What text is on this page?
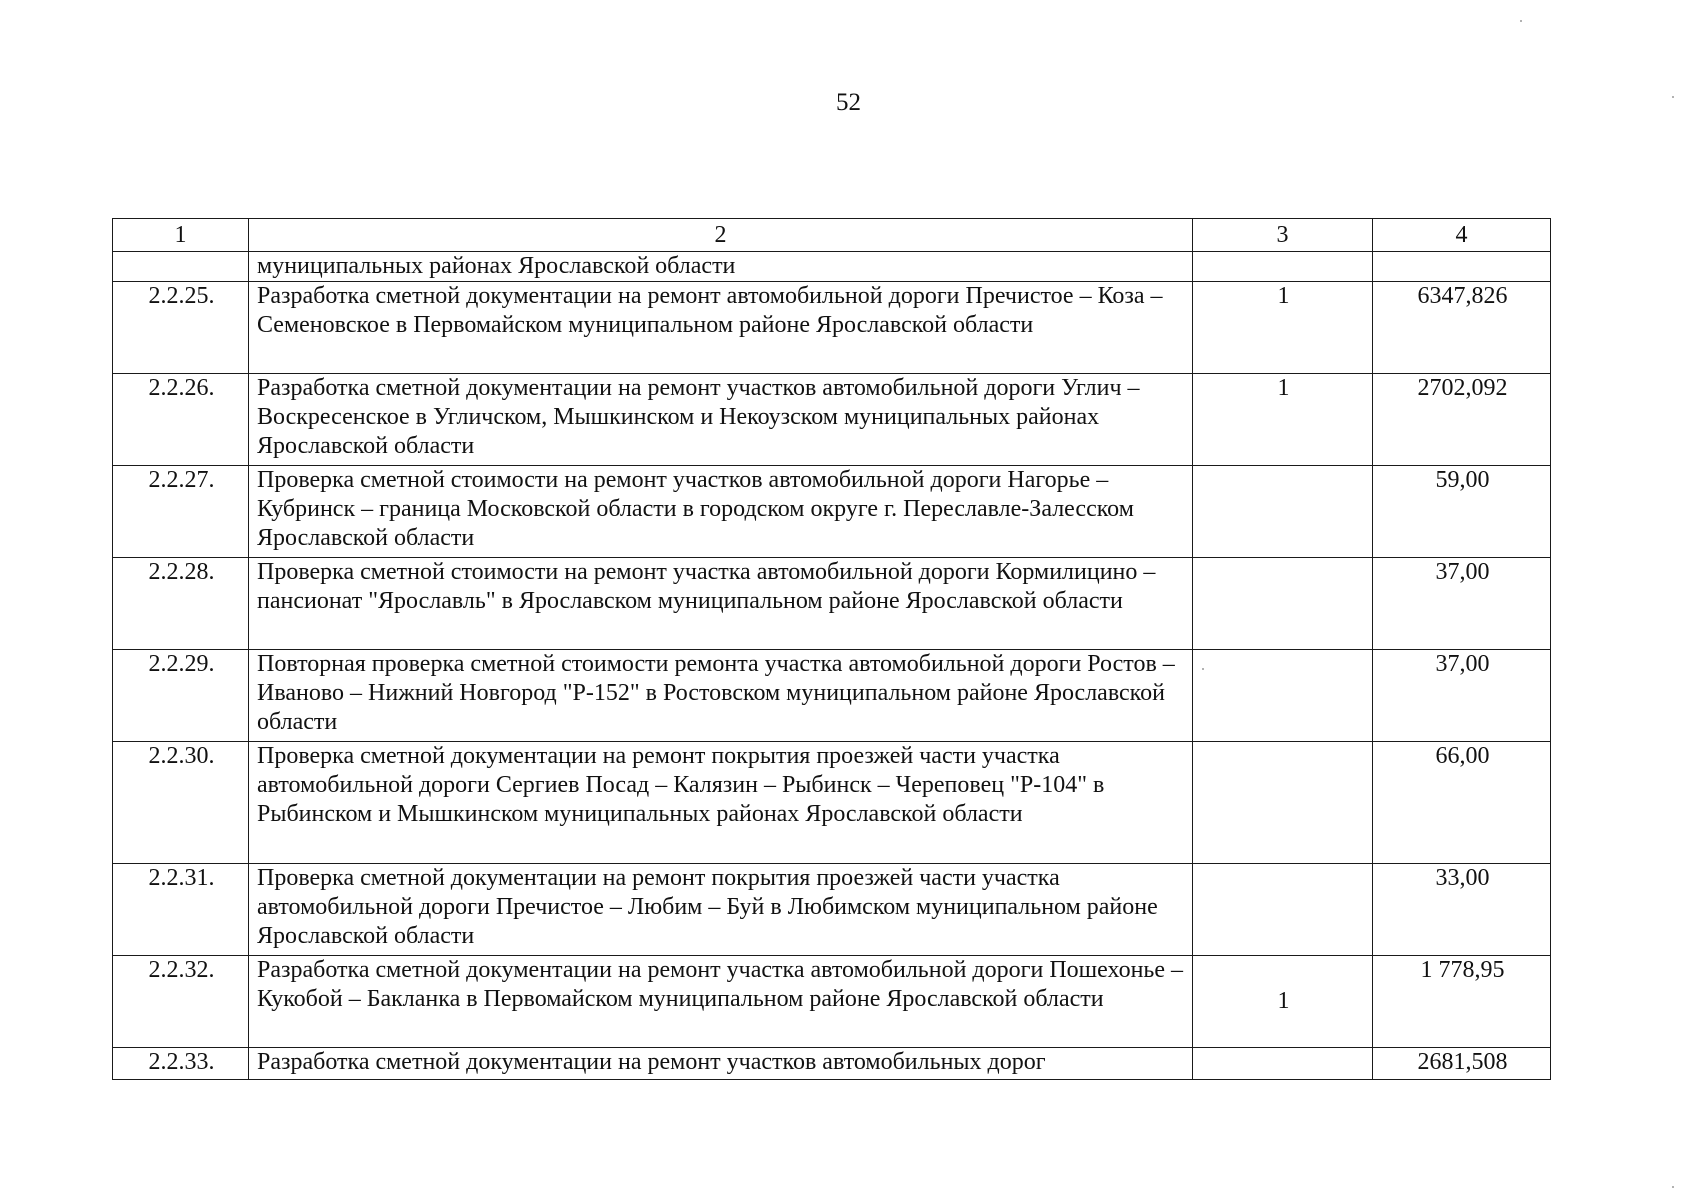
52
1	2	3	4
	муниципальных районах Ярославской области		
2.2.25.	Разработка сметной документации на ремонт автомобильной дороги Пречистое – Коза – Семеновское в Первомайском муниципальном районе Ярославской области	1	6347,826
2.2.26.	Разработка сметной документации на ремонт участков автомобильной дороги Углич – Воскресенское в Угличском, Мышкинском и Некоузском муниципальных районах Ярославской области	1	2702,092
2.2.27.	Проверка сметной стоимости на ремонт участков автомобильной дороги Нагорье – Кубринск – граница Московской области в городском округе г. Переславле-Залесском Ярославской области		59,00
2.2.28.	Проверка сметной стоимости на ремонт участка автомобильной дороги Кормилицино – пансионат "Ярославль" в Ярославском муниципальном районе Ярославской области		37,00
2.2.29.	Повторная проверка сметной стоимости ремонта участка автомобильной дороги Ростов – Иваново – Нижний Новгород "Р-152" в Ростовском муниципальном районе Ярославской области		37,00
2.2.30.	Проверка сметной документации на ремонт покрытия проезжей части участка автомобильной дороги Сергиев Посад – Калязин – Рыбинск – Череповец "Р-104" в Рыбинском и Мышкинском муниципальных районах Ярославской области		66,00
2.2.31.	Проверка сметной документации на ремонт покрытия проезжей части участка автомобильной дороги Пречистое – Любим – Буй в Любимском муниципальном районе Ярославской области		33,00
2.2.32.	Разработка сметной документации на ремонт участка автомобильной дороги Пошехонье – Кукобой – Бакланка в Первомайском муниципальном районе Ярославской области	1	1 778,95
2.2.33.	Разработка сметной документации на ремонт участков автомобильных дорог		2681,508
